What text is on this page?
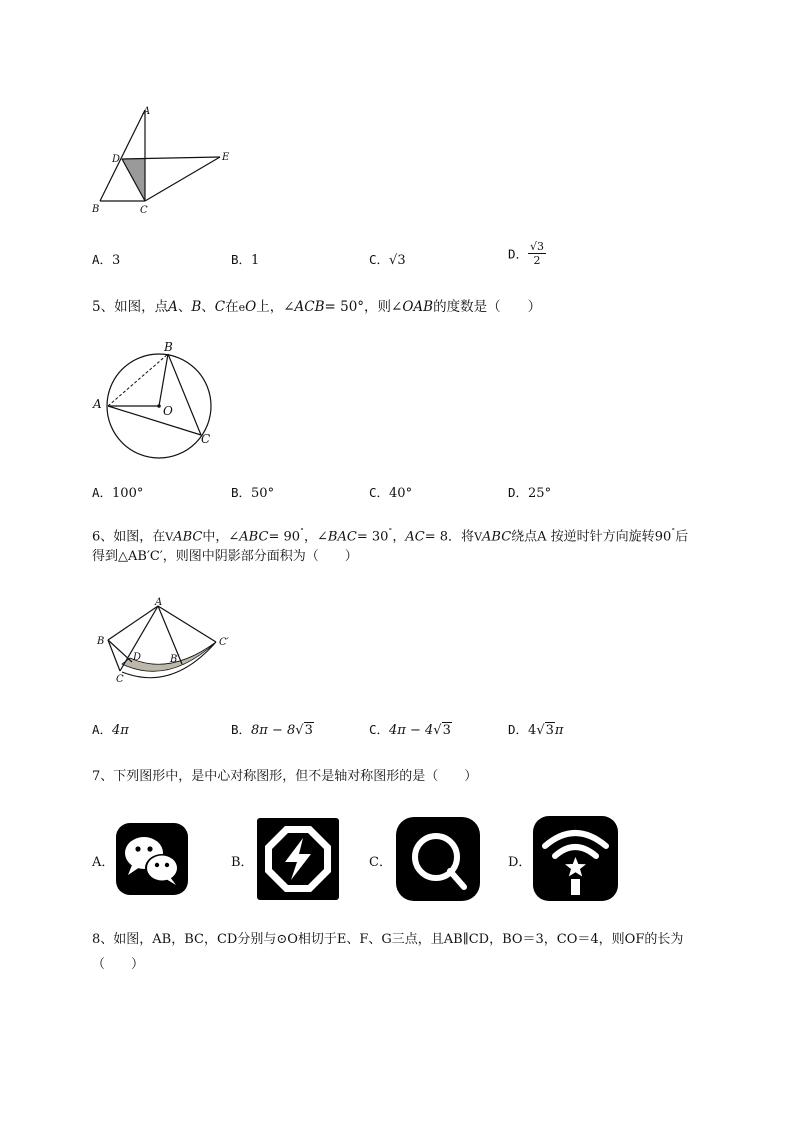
A
D	E
B	C
A．3	B．1	C．√3	D． $\frac{√3}{2}$
5、如图，点A、B、C在eO上，∠ACB= 50°，则∠OAB的度数是（　　）
B
A	O
C
A．100°	B．50°	C．40°	D．25°
6、如图，在VABC中，∠ABC= 90˚，∠BAC= 30˚，AC= 8．将VABC绕点A 按逆时针方向旋转90˚后
得到△AB′C′，则图中阴影部分面积为（　　）
A
B
D	B′
C′
C
A．4π	B．8π − 8√3	C．4π − 4√3	D．4√3π
7、下列图形中，是中心对称图形，但不是轴对称图形的是（　　）
A．	B．	C．	D．
8、如图，AB，BC，CD分别与⊙O相切于E、F、G三点，且AB∥CD，BO＝3，CO＝4，则OF的长为
（　　）
